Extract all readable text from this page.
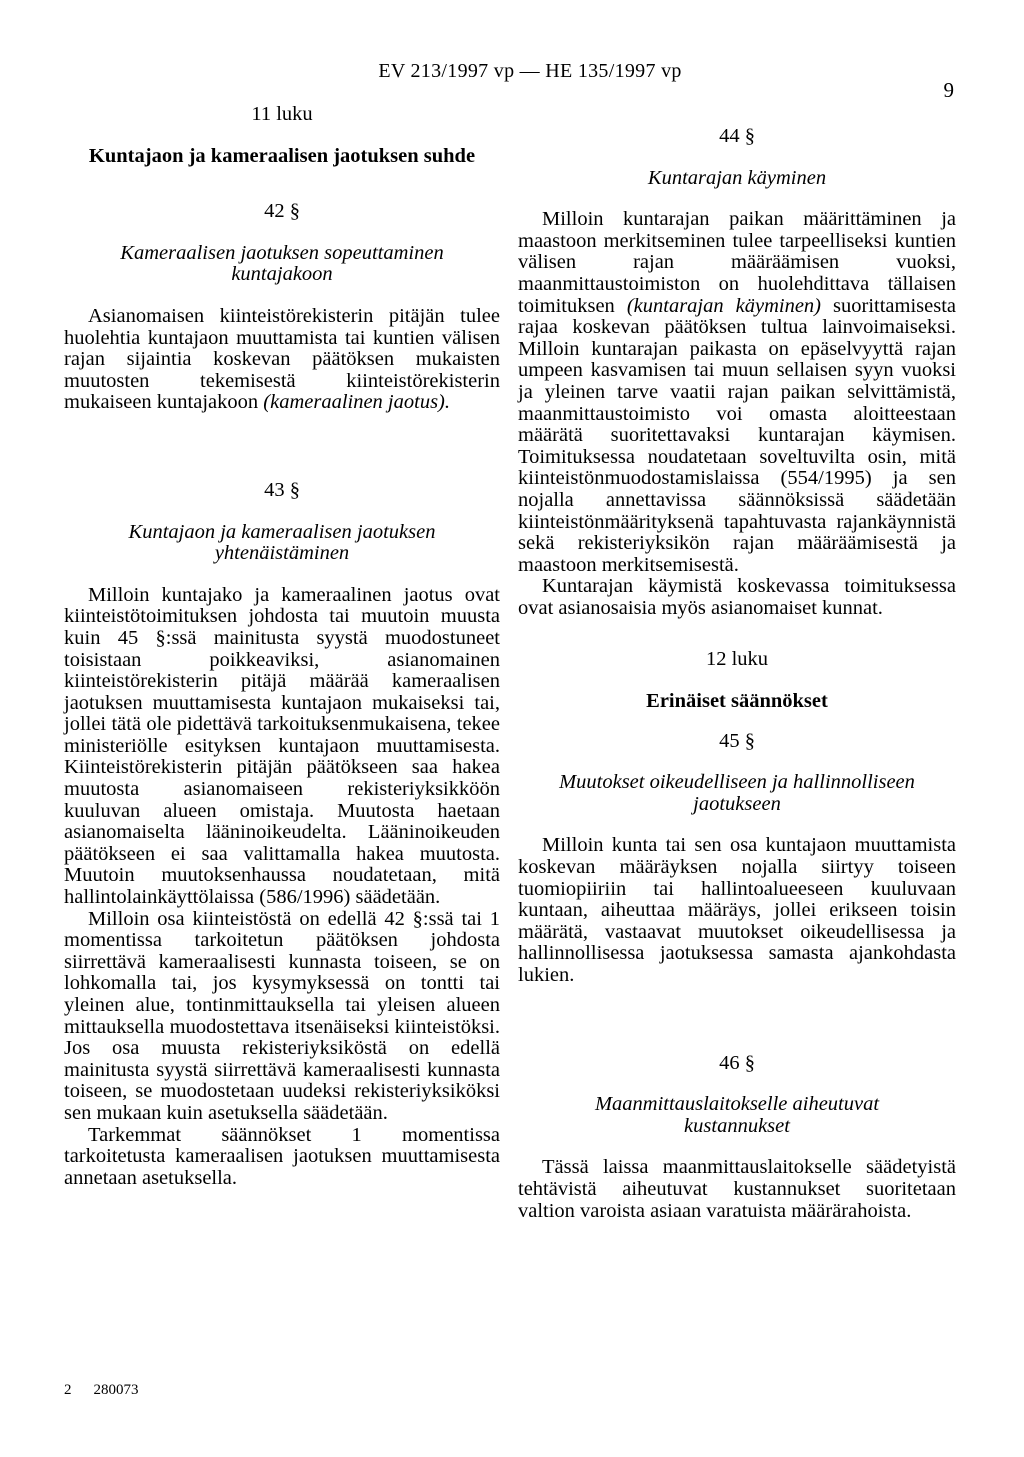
EV 213/1997 vp — HE 135/1997 vp
9
11 luku
Kuntajaon ja kameraalisen jaotuksen suhde
42 §
Kameraalisen jaotuksen sopeuttaminen kuntajakoon

Asianomaisen kiinteistörekisterin pitäjän tulee huolehtia kuntajaon muuttamista tai kuntien välisen rajan sijaintia koskevan päätöksen mukaisten muutosten tekemisestä kiinteistörekisterin mukaiseen kuntajakoon (kameraalinen jaotus).

43 §
Kuntajaon ja kameraalisen jaotuksen yhtenäistäminen

Milloin kuntajako ja kameraalinen jaotus ovat kiinteistötoimituksen johdosta tai muutoin muusta kuin 45 §:ssä mainitusta syystä muodostuneet toisistaan poikkeaviksi, asianomainen kiinteistörekisterin pitäjä määrää kameraalisen jaotuksen muuttamisesta kuntajaon mukaiseksi tai, jollei tätä ole pidettävä tarkoituksenmukaisena, tekee ministeriölle esityksen kuntajaon muuttamisesta. Kiinteistörekisterin pitäjän päätökseen saa hakea muutosta asianomaiseen rekisteriyksikköön kuuluvan alueen omistaja. Muutosta haetaan asianomaiselta lääninoikeudelta. Lääninoikeuden päätökseen ei saa valittamalla hakea muutosta. Muutoin muutoksenhaussa noudatetaan, mitä hallintolainkäyttölaissa (586/1996) säädetään.

Milloin osa kiinteistöstä on edellä 42 §:ssä tai 1 momentissa tarkoitetun päätöksen johdosta siirrettävä kameraalisesti kunnasta toiseen, se on lohkomalla tai, jos kysymyksessä on tontti tai yleinen alue, tontinmittauksella tai yleisen alueen mittauksella muodostettava itsenäiseksi kiinteistöksi. Jos osa muusta rekisteriyksiköstä on edellä mainitusta syystä siirrettävä kameraalisesti kunnasta toiseen, se muodostetaan uudeksi rekisteriyksiköksi sen mukaan kuin asetuksella säädetään.

Tarkemmat säännökset 1 momentissa tarkoitetusta kameraalisen jaotuksen muuttamisesta annetaan asetuksella.

44 §
Kuntarajan käyminen

Milloin kuntarajan paikan määrittäminen ja maastoon merkitseminen tulee tarpeelliseksi kuntien välisen rajan määräämisen vuoksi, maanmittaustoimiston on huolehdittava tällaisen toimituksen (kuntarajan käyminen) suorittamisesta rajaa koskevan päätöksen tultua lainvoimaiseksi. Milloin kuntarajan paikasta on epäselvyyttä rajan umpeen kasvamisen tai muun sellaisen syyn vuoksi ja yleinen tarve vaatii rajan paikan selvittämistä, maanmittaustoimisto voi omasta aloitteestaan määrätä suoritettavaksi kuntarajan käymisen. Toimituksessa noudatetaan soveltuvilta osin, mitä kiinteistönmuodostamislaissa (554/1995) ja sen nojalla annettavissa säännöksissä säädetään kiinteistönmäärityksenä tapahtuvasta rajankäynnistä sekä rekisteriyksikön rajan määräämisestä ja maastoon merkitsemisestä.

Kuntarajan käymistä koskevassa toimituksessa ovat asianosaisia myös asianomaiset kunnat.

12 luku
Erinäiset säännökset
45 §
Muutokset oikeudelliseen ja hallinnolliseen jaotukseen

Milloin kunta tai sen osa kuntajaon muuttamista koskevan määräyksen nojalla siirtyy toiseen tuomiopiiriin tai hallintoalueeseen kuuluvaan kuntaan, aiheuttaa määräys, jollei erikseen toisin määrätä, vastaavat muutokset oikeudellisessa ja hallinnollisessa jaotuksessa samasta ajankohdasta lukien.

46 §
Maanmittauslaitokselle aiheutuvat kustannukset

Tässä laissa maanmittauslaitokselle säädetyistä tehtävistä aiheutuvat kustannukset suoritetaan valtion varoista asiaan varatuista määrärahoista.

2 280073
